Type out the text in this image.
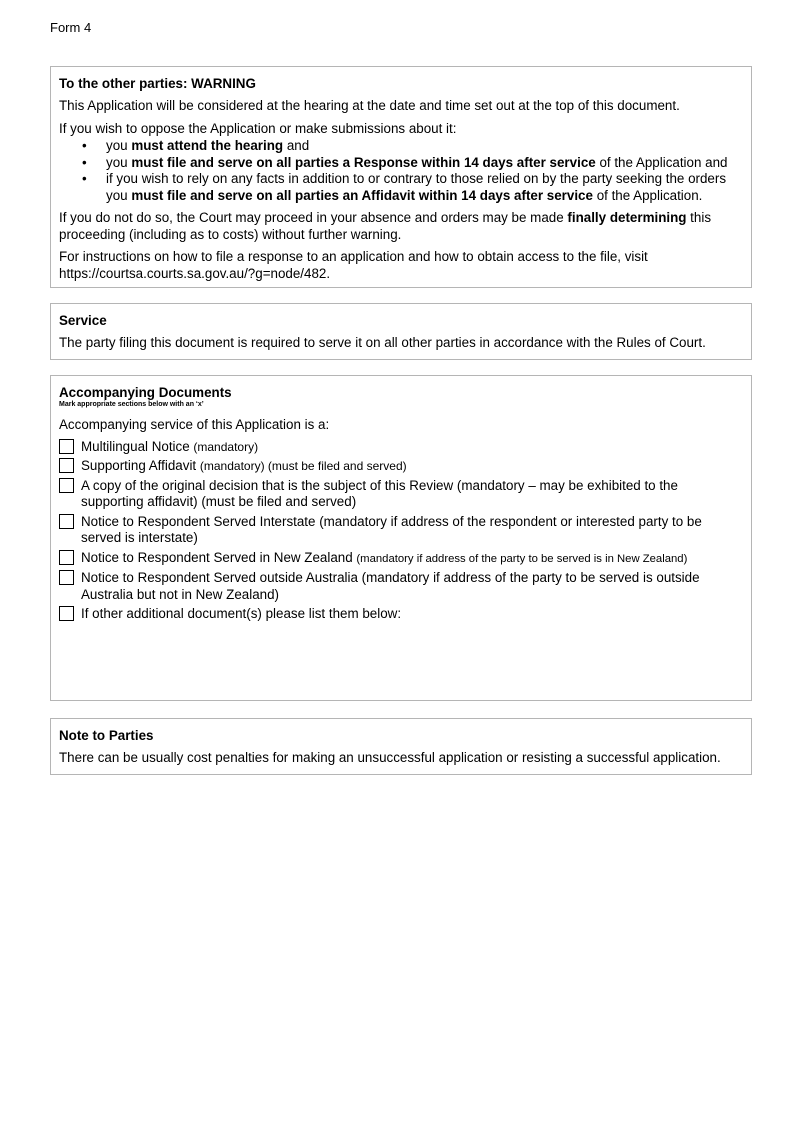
Form 4
To the other parties: WARNING

This Application will be considered at the hearing at the date and time set out at the top of this document.

If you wish to oppose the Application or make submissions about it:

• you must attend the hearing and
• you must file and serve on all parties a Response within 14 days after service of the Application and
• if you wish to rely on any facts in addition to or contrary to those relied on by the party seeking the orders you must file and serve on all parties an Affidavit within 14 days after service of the Application.

If you do not do so, the Court may proceed in your absence and orders may be made finally determining this proceeding (including as to costs) without further warning.

For instructions on how to file a response to an application and how to obtain access to the file, visit https://courtsa.courts.sa.gov.au/?g=node/482.

Service

The party filing this document is required to serve it on all other parties in accordance with the Rules of Court.

Accompanying Documents

Mark appropriate sections below with an ‘x’

Accompanying service of this Application is a:

Multilingual Notice (mandatory)
Supporting Affidavit (mandatory) (must be filed and served)
A copy of the original decision that is the subject of this Review (mandatory – may be exhibited to the supporting affidavit) (must be filed and served)
Notice to Respondent Served Interstate (mandatory if address of the respondent or interested party to be served is interstate)
Notice to Respondent Served in New Zealand (mandatory if address of the party to be served is in New Zealand)
Notice to Respondent Served outside Australia (mandatory if address of the party to be served is outside Australia but not in New Zealand)
If other additional document(s) please list them below:
Note to Parties

There can be usually cost penalties for making an unsuccessful application or resisting a successful application.
